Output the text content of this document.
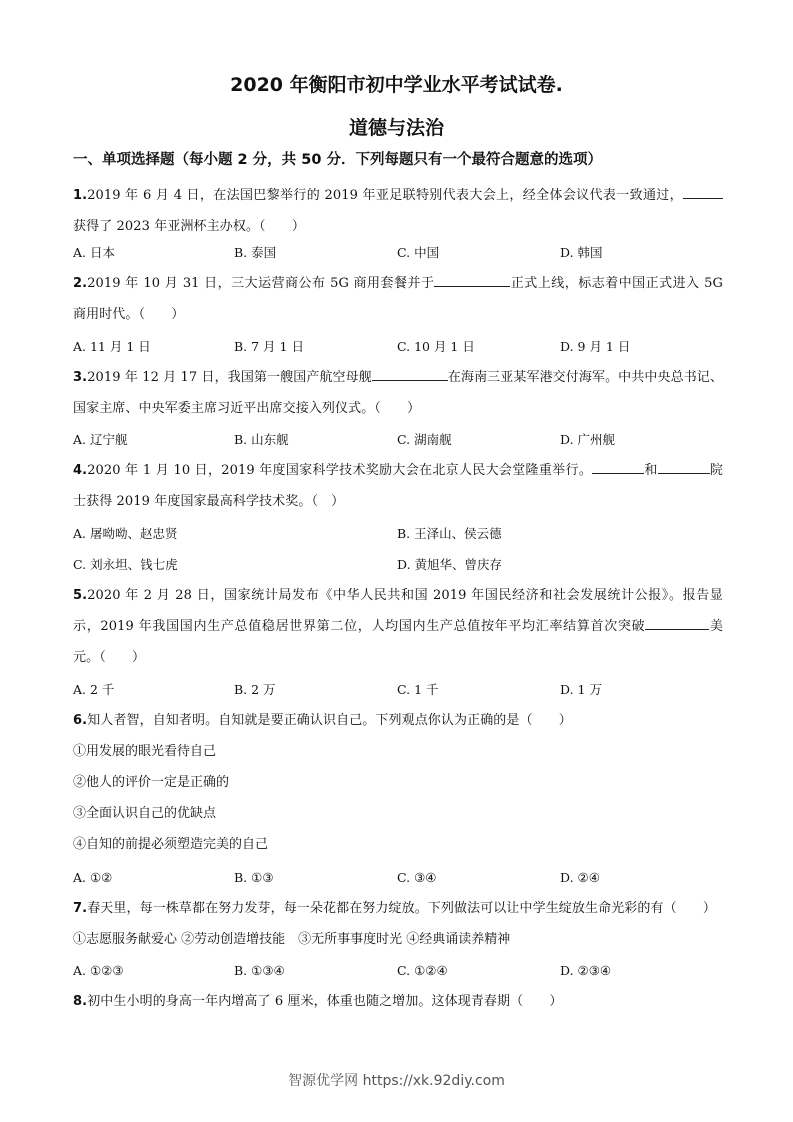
2020 年衡阳市初中学业水平考试试卷.
道德与法治
一、单项选择题（每小题 2 分，共 50 分．下列每题只有一个最符合题意的选项）
1.2019 年 6 月 4 日，在法国巴黎举行的 2019 年亚足联特别代表大会上，经全体会议代表一致通过，获得了 2023 年亚洲杯主办权。（　　）
A. 日本	B. 泰国	C. 中国	D. 韩国
2.2019 年 10 月 31 日，三大运营商公布 5G 商用套餐并于	正式上线，标志着中国正式进入 5G 商用时代。（　　）
A. 11 月 1 日	B. 7 月 1 日	C. 10 月 1 日	D. 9 月 1 日
3.2019 年 12 月 17 日，我国第一艘国产航空母舰	在海南三亚某军港交付海军。中共中央总书记、国家主席、中央军委主席习近平出席交接入列仪式。（　　）
A. 辽宁舰	B. 山东舰	C. 湖南舰	D. 广州舰
4.2020 年 1 月 10 日，2019 年度国家科学技术奖励大会在北京人民大会堂隆重举行。	和	院士获得 2019 年度国家最高科学技术奖。（　）
A. 屠呦呦、赵忠贤	B. 王泽山、侯云德
C. 刘永坦、钱七虎	D. 黄旭华、曾庆存
5.2020 年 2 月 28 日，国家统计局发布《中华人民共和国 2019 年国民经济和社会发展统计公报》。报告显示，2019 年我国国内生产总值稳居世界第二位，人均国内生产总值按年平均汇率结算首次突破	美元。（　　）
A. 2 千	B. 2 万	C. 1 千	D. 1 万
6.知人者智，自知者明。自知就是要正确认识自己。下列观点你认为正确的是（　　）
①用发展的眼光看待自己
②他人的评价一定是正确的
③全面认识自己的优缺点
④自知的前提必须塑造完美的自己
A. ①②	B. ①③	C. ③④	D. ②④
7.春天里，每一株草都在努力发芽，每一朵花都在努力绽放。下列做法可以让中学生绽放生命光彩的有（　　）
①志愿服务献爱心 ②劳动创造增技能　③无所事事度时光 ④经典诵读养精神
A. ①②③	B. ①③④	C. ①②④	D. ②③④
8.初中生小明的身高一年内增高了 6 厘米，体重也随之增加。这体现青春期（　　）
智源优学网 https://xk.92diy.com
